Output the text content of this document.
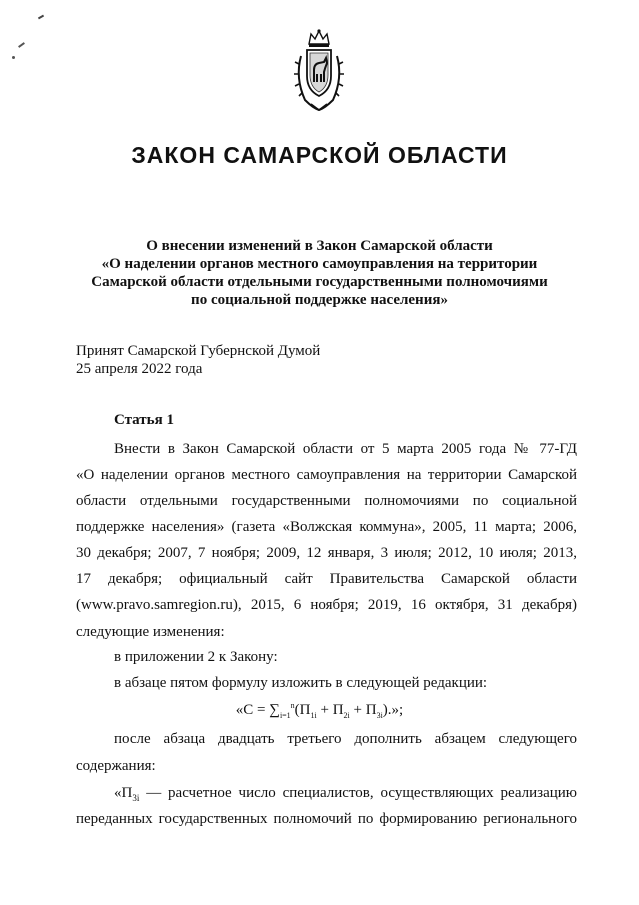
ЗАКОН САМАРСКОЙ ОБЛАСТИ
О внесении изменений в Закон Самарской области
«О наделении органов местного самоуправления на территории
Самарской области отдельными государственными полномочиями
по социальной поддержке населения»
Принят Самарской Губернской Думой
25 апреля 2022 года
Статья 1
Внести в Закон Самарской области от 5 марта 2005 года № 77-ГД
«О наделении органов местного самоуправления на территории Самарской
области отдельными государственными полномочиями по социальной
поддержке населения» (газета «Волжская коммуна», 2005, 11 марта; 2006,
30 декабря; 2007, 7 ноября; 2009, 12 января, 3 июля; 2012, 10 июля; 2013,
17 декабря; официальный сайт Правительства Самарской области
(www.pravo.samregion.ru), 2015, 6 ноября; 2019, 16 октября, 31 декабря)
следующие изменения:
в приложении 2 к Закону:
в абзаце пятом формулу изложить в следующей редакции:
«$С = \sum_{i=1}^n(П_{1i} + П_{2i} + П_{3i})$.»;
после абзаца двадцать третьего дополнить абзацем следующего
содержания:
«$П_{3i}$ — расчетное число специалистов, осуществляющих реализацию
переданных государственных полномочий по формированию регионального
